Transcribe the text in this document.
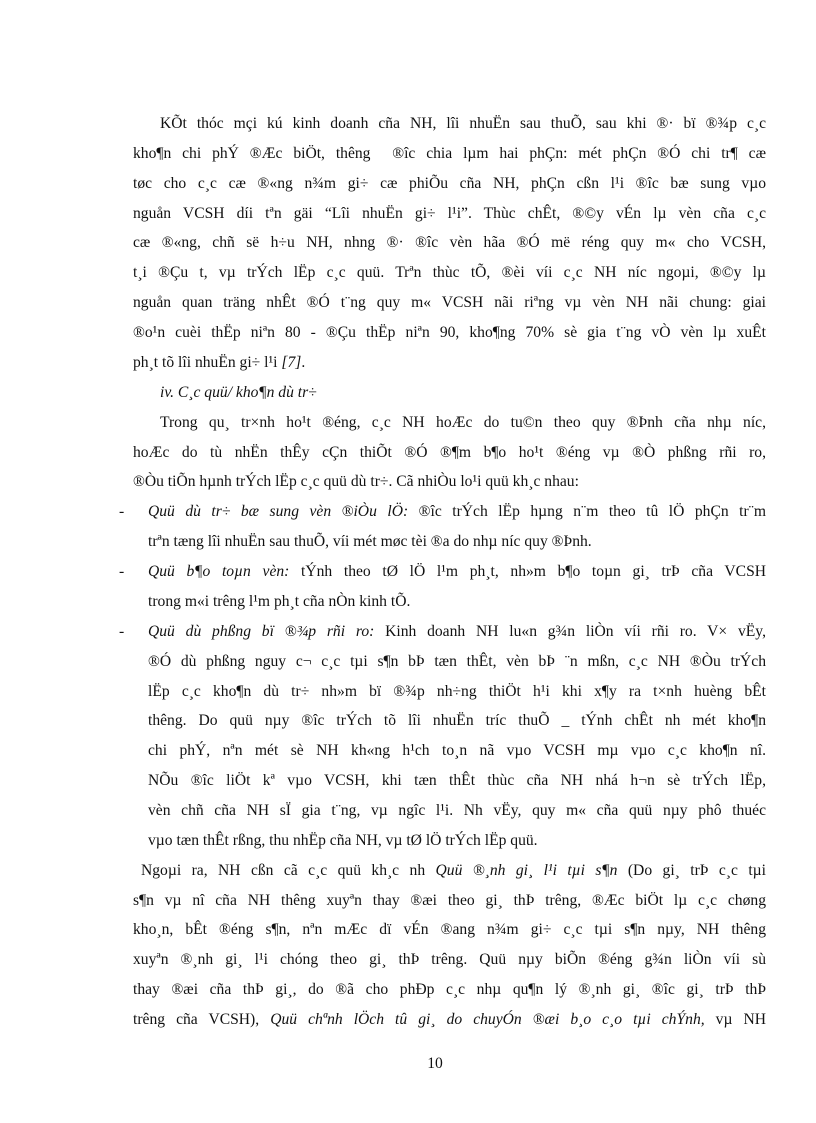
KÕt thóc mçi kú kinh doanh cña NH, lîi nhuËn sau thuÕ, sau khi ®· bï ®¾p c¸c
kho¶n chi phÝ ®Æc biÖt, thêng  ®îc chia lµm hai phÇn: mét phÇn ®Ó chi tr¶ cæ
tøc cho c¸c cæ ®«ng n¾m gi÷ cæ phiÕu cña NH, phÇn cßn l¹i ®îc bæ sung vµo
nguån VCSH díi tªn gäi “Lîi nhuËn gi÷ l¹i”. Thùc chÊt, ®©y vÉn lµ vèn cña c¸c
cæ ®«ng, chñ së h÷u NH, nhng ®· ®îc vèn hãa ®Ó më réng quy m« cho VCSH,
t¸i ®Çu t, vµ trÝch lËp c¸c quü. Trªn thùc tÕ, ®èi víi c¸c NH níc ngoµi, ®©y lµ
nguån quan träng nhÊt ®Ó t¨ng quy m« VCSH nãi riªng vµ vèn NH nãi chung: giai
®o¹n cuèi thËp niªn 80 - ®Çu thËp niªn 90, kho¶ng 70% sè gia t¨ng vÒ vèn lµ xuÊt
ph¸t tõ lîi nhuËn gi÷ l¹i [7].
iv. C¸c quü/ kho¶n dù tr÷
Trong qu¸ tr×nh ho¹t ®éng, c¸c NH hoÆc do tu©n theo quy ®Þnh cña nhµ níc,
hoÆc do tù nhËn thÊy cÇn thiÕt ®Ó ®¶m b¶o ho¹t ®éng vµ ®Ò phßng rñi ro,
®Òu tiÕn hµnh trÝch lËp c¸c quü dù tr÷. Cã nhiÒu lo¹i quü kh¸c nhau:
- Quü dù tr÷ bæ sung vèn ®iÒu lÖ: ®îc trÝch lËp hµng n¨m theo tû lÖ phÇn tr¨m
trªn tæng lîi nhuËn sau thuÕ, víi mét møc tèi ®a do nhµ níc quy ®Þnh.
- Quü b¶o toµn vèn: tÝnh theo tØ lÖ l¹m ph¸t, nh»m b¶o toµn gi¸ trÞ cña VCSH
trong m«i trêng l¹m ph¸t cña nÒn kinh tÕ.
- Quü dù phßng bï ®¾p rñi ro: Kinh doanh NH lu«n g¾n liÒn víi rñi ro. V× vËy,
®Ó dù phßng nguy c¬ c¸c tµi s¶n bÞ tæn thÊt, vèn bÞ ¨n mßn, c¸c NH ®Òu trÝch
lËp c¸c kho¶n dù tr÷ nh»m bï ®¾p nh÷ng thiÖt h¹i khi x¶y ra t×nh huèng bÊt
thêng. Do quü nµy ®îc trÝch tõ lîi nhuËn tríc thuÕ _ tÝnh chÊt nh mét kho¶n
chi phÝ, nªn mét sè NH kh«ng h¹ch to¸n nã vµo VCSH mµ vµo c¸c kho¶n nî.
NÕu ®îc liÖt kª vµo VCSH, khi tæn thÊt thùc cña NH nhá h¬n sè trÝch lËp,
vèn chñ cña NH sÏ gia t¨ng, vµ ngîc l¹i. Nh vËy, quy m« cña quü nµy phô thuéc
vµo tæn thÊt rßng, thu nhËp cña NH, vµ tØ lÖ trÝch lËp quü.
Ngoµi ra, NH cßn cã c¸c quü kh¸c nh Quü ®¸nh gi¸ l¹i tµi s¶n (Do gi¸ trÞ c¸c tµi
s¶n vµ nî cña NH thêng xuyªn thay ®æi theo gi¸ thÞ trêng, ®Æc biÖt lµ c¸c chøng
kho¸n, bÊt ®éng s¶n, nªn mÆc dï vÉn ®ang n¾m gi÷ c¸c tµi s¶n nµy, NH thêng
xuyªn ®¸nh gi¸ l¹i chóng theo gi¸ thÞ trêng. Quü nµy biÕn ®éng g¾n liÒn víi sù
thay ®æi cña thÞ gi¸, do ®ã cho phÐp c¸c nhµ qu¶n lý ®¸nh gi¸ ®îc gi¸ trÞ thÞ
trêng cña VCSH), Quü chªnh lÖch tû gi¸ do chuyÓn ®æi b¸o c¸o tµi chÝnh, vµ NH
10
